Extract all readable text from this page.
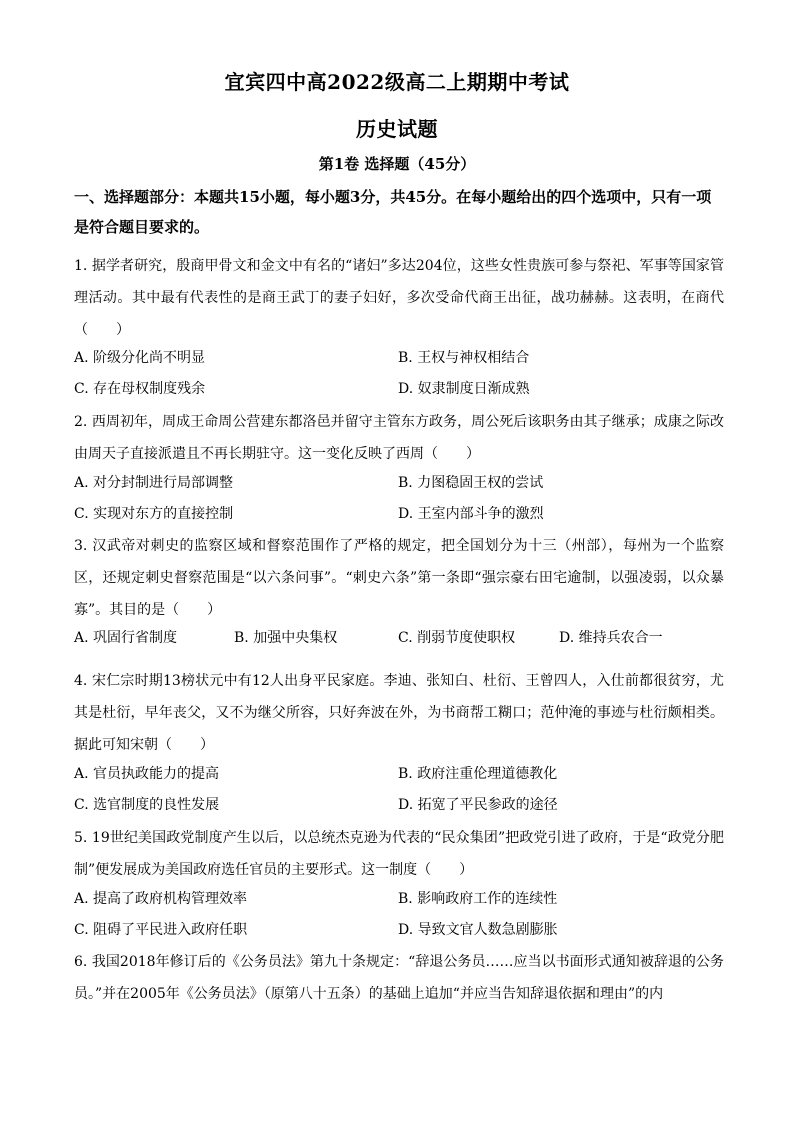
宜宾四中高2022级高二上期期中考试
历史试题
第1卷 选择题（45分）
一、选择题部分：本题共15小题，每小题3分，共45分。在每小题给出的四个选项中，只有一项是符合题目要求的。
1. 据学者研究，殷商甲骨文和金文中有名的“诸妇”多达204位，这些女性贵族可参与祭祀、军事等国家管理活动。其中最有代表性的是商王武丁的妻子妇好，多次受命代商王出征，战功赫赫。这表明，在商代（　　）
A. 阶级分化尚不明显	B. 王权与神权相结合
C. 存在母权制度残余	D. 奴隶制度日渐成熟
2. 西周初年，周成王命周公营建东都洛邑并留守主管东方政务，周公死后该职务由其子继承；成康之际改由周天子直接派遣且不再长期驻守。这一变化反映了西周（　　）
A. 对分封制进行局部调整	B. 力图稳固王权的尝试
C. 实现对东方的直接控制	D. 王室内部斗争的激烈
3. 汉武帝对刺史的监察区域和督察范围作了严格的规定，把全国划分为十三（州部），每州为一个监察区，还规定刺史督察范围是“以六条问事”。“刺史六条”第一条即“强宗豪右田宅逾制，以强凌弱，以众暴寡”。其目的是（　　）
A. 巩固行省制度	B. 加强中央集权	C. 削弱节度使职权	D. 维持兵农合一
4. 宋仁宗时期13榜状元中有12人出身平民家庭。李迪、张知白、杜衍、王曾四人，入仕前都很贫穷，尤其是杜衍，早年丧父，又不为继父所容，只好奔波在外，为书商帮工糊口；范仲淹的事迹与杜衍颇相类。据此可知宋朝（　　）
A. 官员执政能力的提高	B. 政府注重伦理道德教化
C. 选官制度的良性发展	D. 拓宽了平民参政的途径
5. 19世纪美国政党制度产生以后，以总统杰克逊为代表的“民众集团”把政党引进了政府，于是“政党分肥制”便发展成为美国政府选任官员的主要形式。这一制度（　　）
A. 提高了政府机构管理效率	B. 影响政府工作的连续性
C. 阻碍了平民进入政府任职	D. 导致文官人数急剧膨胀
6. 我国2018年修订后的《公务员法》第九十条规定：“辞退公务员……应当以书面形式通知被辞退的公务员。”并在2005年《公务员法》（原第八十五条）的基础上追加“并应当告知辞退依据和理由”的内
